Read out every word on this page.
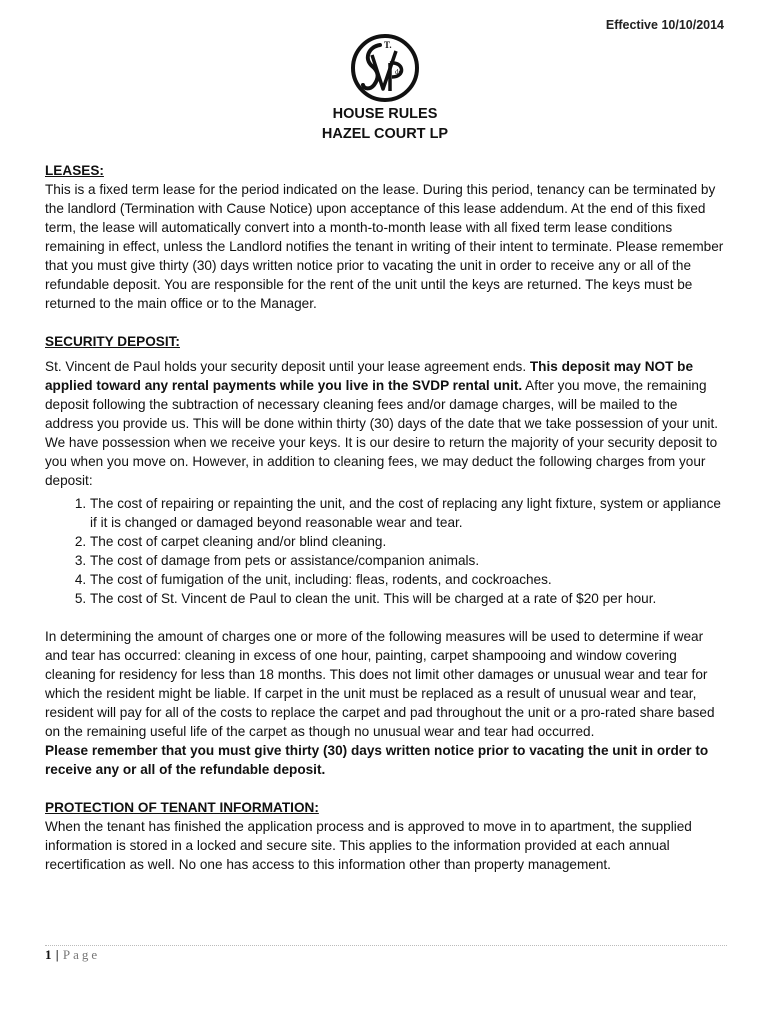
Effective 10/10/2014
T.
de
HOUSE RULES
HAZEL COURT LP

LEASES:

This is a fixed term lease for the period indicated on the lease. During this period, tenancy can be terminated by the landlord (Termination with Cause Notice) upon acceptance of this lease addendum. At the end of this fixed term, the lease will automatically convert into a month-to-month lease with all fixed term lease conditions remaining in effect, unless the Landlord notifies the tenant in writing of their intent to terminate. Please remember that you must give thirty (30) days written notice prior to vacating the unit in order to receive any or all of the refundable deposit. You are responsible for the rent of the unit until the keys are returned. The keys must be returned to the main office or to the Manager.

SECURITY DEPOSIT:

St. Vincent de Paul holds your security deposit until your lease agreement ends. This deposit may NOT be applied toward any rental payments while you live in the SVDP rental unit. After you move, the remaining deposit following the subtraction of necessary cleaning fees and/or damage charges, will be mailed to the address you provide us. This will be done within thirty (30) days of the date that we take possession of your unit. We have possession when we receive your keys. It is our desire to return the majority of your security deposit to you when you move on. However, in addition to cleaning fees, we may deduct the following charges from your deposit:

1. The cost of repairing or repainting the unit, and the cost of replacing any light fixture, system or appliance if it is changed or damaged beyond reasonable wear and tear.
2. The cost of carpet cleaning and/or blind cleaning.
3. The cost of damage from pets or assistance/companion animals.
4. The cost of fumigation of the unit, including: fleas, rodents, and cockroaches.
5. The cost of St. Vincent de Paul to clean the unit. This will be charged at a rate of $20 per hour.

In determining the amount of charges one or more of the following measures will be used to determine if wear and tear has occurred: cleaning in excess of one hour, painting, carpet shampooing and window covering cleaning for residency for less than 18 months. This does not limit other damages or unusual wear and tear for which the resident might be liable. If carpet in the unit must be replaced as a result of unusual wear and tear, resident will pay for all of the costs to replace the carpet and pad throughout the unit or a pro-rated share based on the remaining useful life of the carpet as though no unusual wear and tear had occurred.

Please remember that you must give thirty (30) days written notice prior to vacating the unit in order to receive any or all of the refundable deposit.

PROTECTION OF TENANT INFORMATION:

When the tenant has finished the application process and is approved to move in to apartment, the supplied information is stored in a locked and secure site. This applies to the information provided at each annual recertification as well. No one has access to this information other than property management.

1 | Page
